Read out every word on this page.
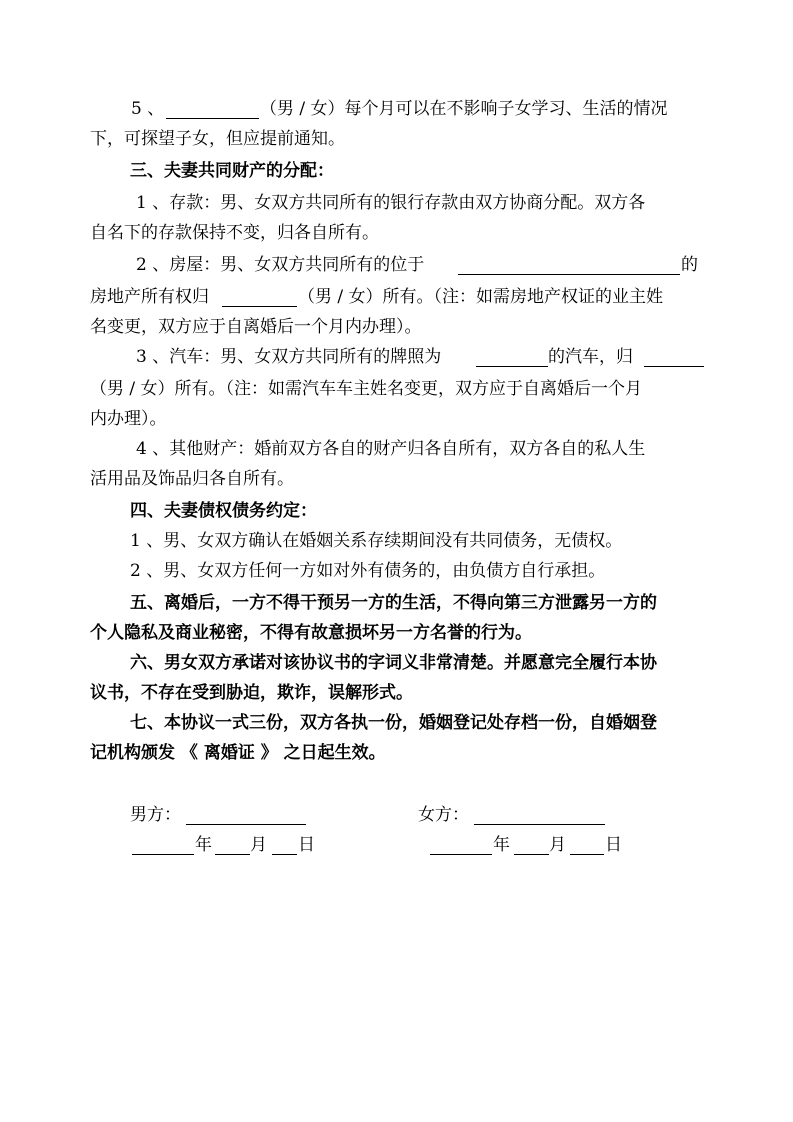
5 、	（男 / 女）每个月可以在不影响子女学习、生活的情况
下，可探望子女，但应提前通知。
三、夫妻共同财产的分配：
1 、存款：男、女双方共同所有的银行存款由双方协商分配。双方各
自名下的存款保持不变，归各自所有。
2 、房屋：男、女双方共同所有的位于	的
房地产所有权归	（男 / 女）所有。（注：如需房地产权证的业主姓
名变更，双方应于自离婚后一个月内办理）。
3 、汽车：男、女双方共同所有的牌照为	的汽车，归
（男 / 女）所有。（注：如需汽车车主姓名变更，双方应于自离婚后一个月
内办理）。
4 、其他财产：婚前双方各自的财产归各自所有，双方各自的私人生
活用品及饰品归各自所有。
四、夫妻债权债务约定：
1 、男、女双方确认在婚姻关系存续期间没有共同债务，无债权。
2 、男、女双方任何一方如对外有债务的，由负债方自行承担。
五、离婚后，一方不得干预另一方的生活，不得向第三方泄露另一方的
个人隐私及商业秘密，不得有故意损坏另一方名誉的行为。
六、男女双方承诺对该协议书的字词义非常清楚。并愿意完全履行本协
议书，不存在受到胁迫，欺诈，误解形式。
七、本协议一式三份，双方各执一份，婚姻登记处存档一份，自婚姻登
记机构颁发 《 离婚证 》 之日起生效。
男方：	女方：
年 月 日	年 月 日
